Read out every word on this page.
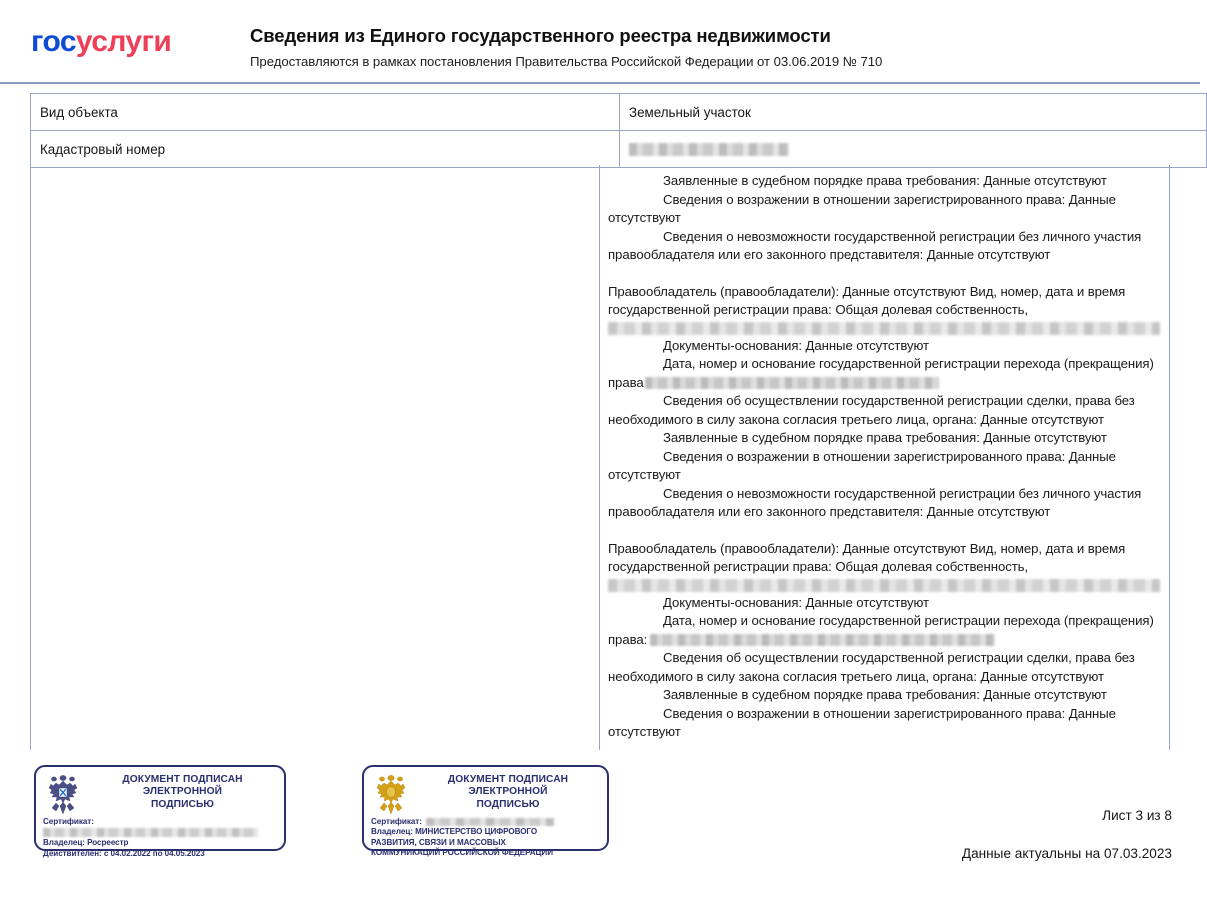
госуслуги	Сведения из Единого государственного реестра недвижимости
Предоставляются в рамках постановления Правительства Российской Федерации от 03.06.2019 № 710
Вид объекта	Земельный участок
Кадастровый номер	

Заявленные в судебном порядке права требования: Данные отсутствуют

Сведения о возражении в отношении зарегистрированного права: Данные отсутствуют

Сведения о невозможности государственной регистрации без личного участия правообладателя или его законного представителя: Данные отсутствуют

Правообладатель (правообладатели): Данные отсутствуют Вид, номер, дата и время государственной регистрации права: Общая долевая собственность,

Документы-основания: Данные отсутствуют

Дата, номер и основание государственной регистрации перехода (прекращения) права

Сведения об осуществлении государственной регистрации сделки, права без необходимого в силу закона согласия третьего лица, органа: Данные отсутствуют

Заявленные в судебном порядке права требования: Данные отсутствуют

Сведения о возражении в отношении зарегистрированного права: Данные отсутствуют

Сведения о невозможности государственной регистрации без личного участия правообладателя или его законного представителя: Данные отсутствуют

Правообладатель (правообладатели): Данные отсутствуют Вид, номер, дата и время государственной регистрации права: Общая долевая собственность,

Документы-основания: Данные отсутствуют

Дата, номер и основание государственной регистрации перехода (прекращения) права:

Сведения об осуществлении государственной регистрации сделки, права без необходимого в силу закона согласия третьего лица, органа: Данные отсутствуют

Заявленные в судебном порядке права требования: Данные отсутствуют

Сведения о возражении в отношении зарегистрированного права: Данные отсутствуют

ДОКУМЕНТ ПОДПИСАН
ЭЛЕКТРОННОЙ
ПОДПИСЬЮ
Сертификат:
Владелец: Росреестр
Действителен: с 04.02.2022 по 04.05.2023
ДОКУМЕНТ ПОДПИСАН
ЭЛЕКТРОННОЙ
ПОДПИСЬЮ
Сертификат:
Владелец: МИНИСТЕРСТВО ЦИФРОВОГО
РАЗВИТИЯ, СВЯЗИ И МАССОВЫХ
КОММУНИКАЦИЙ РОССИЙСКОЙ ФЕДЕРАЦИИ
Лист 3 из 8
Данные актуальны на 07.03.2023
